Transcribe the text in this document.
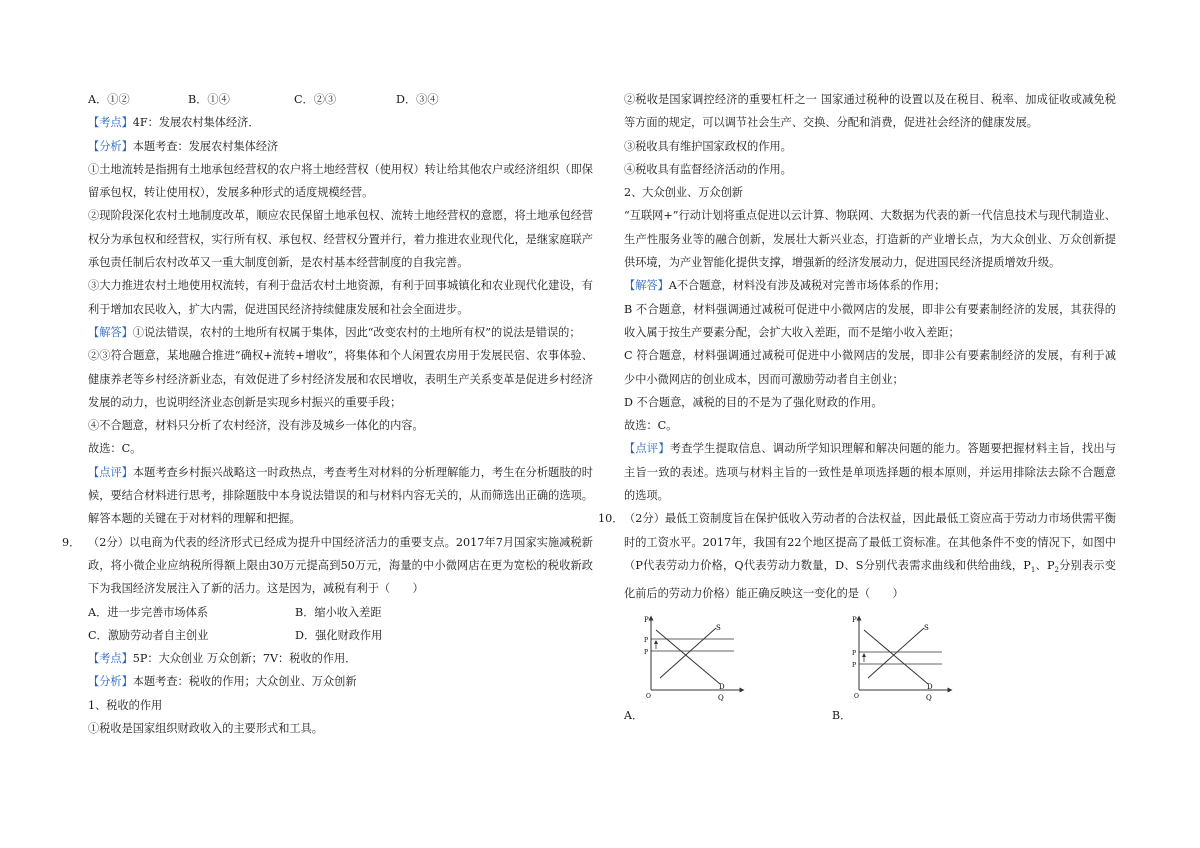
A．①②	B．①④	C．②③	D．③④

【考点】4F：发展农村集体经济．

【分析】本题考查：发展农村集体经济

①土地流转是指拥有土地承包经营权的农户将土地经营权（使用权）转让给其他农户或经济组织（即保留承包权，转让使用权），发展多种形式的适度规模经营。

②现阶段深化农村土地制度改革，顺应农民保留土地承包权、流转土地经营权的意愿，将土地承包经营权分为承包权和经营权，实行所有权、承包权、经营权分置并行，着力推进农业现代化，是继家庭联产承包责任制后农村改革又一重大制度创新，是农村基本经营制度的自我完善。

③大力推进农村土地使用权流转，有利于盘活农村土地资源，有利于回事城镇化和农业现代化建设，有利于增加农民收入，扩大内需，促进国民经济持续健康发展和社会全面进步。

【解答】①说法错误，农村的土地所有权属于集体，因此“改变农村的土地所有权”的说法是错误的；

②③符合题意，某地融合推进“确权+流转+增收”，将集体和个人闲置农房用于发展民宿、农事体验、健康养老等乡村经济新业态，有效促进了乡村经济发展和农民增收，表明生产关系变革是促进乡村经济发展的动力，也说明经济业态创新是实现乡村振兴的重要手段；

④不合题意，材料只分析了农村经济，没有涉及城乡一体化的内容。

故选：C。

【点评】本题考查乡村振兴战略这一时政热点，考查考生对材料的分析理解能力，考生在分析题肢的时候，要结合材料进行思考，排除题肢中本身说法错误的和与材料内容无关的，从而筛选出正确的选项。解答本题的关键在于对材料的理解和把握。

9． （2分）以电商为代表的经济形式已经成为提升中国经济活力的重要支点。2017年7月国家实施减税新政，将小微企业应纳税所得额上限由30万元提高到50万元，海量的中小微网店在更为宽松的税收新政下为我国经济发展注入了新的活力。这是因为，减税有利于（　　）

A．进一步完善市场体系	B．缩小收入差距
C．激励劳动者自主创业	D．强化财政作用

【考点】5P：大众创业 万众创新；7V：税收的作用．

【分析】本题考查：税收的作用；大众创业、万众创新

1、税收的作用

①税收是国家组织财政收入的主要形式和工具。

②税收是国家调控经济的重要杠杆之一 国家通过税种的设置以及在税目、税率、加成征收或减免税等方面的规定，可以调节社会生产、交换、分配和消费，促进社会经济的健康发展。

③税收具有维护国家政权的作用。

④税收具有监督经济活动的作用。

2、大众创业、万众创新

“互联网+”行动计划将重点促进以云计算、物联网、大数据为代表的新一代信息技术与现代制造业、生产性服务业等的融合创新，发展壮大新兴业态，打造新的产业增长点，为大众创业、万众创新提供环境，为产业智能化提供支撑，增强新的经济发展动力，促进国民经济提质增效升级。

【解答】A不合题意，材料没有涉及减税对完善市场体系的作用；

B 不合题意，材料强调通过减税可促进中小微网店的发展，即非公有要素制经济的发展，其获得的收入属于按生产要素分配，会扩大收入差距，而不是缩小收入差距；

C 符合题意，材料强调通过减税可促进中小微网店的发展，即非公有要素制经济的发展，有利于减少中小微网店的创业成本，因而可激励劳动者自主创业；

D 不合题意，减税的目的不是为了强化财政的作用。

故选：C。

【点评】考查学生提取信息、调动所学知识理解和解决问题的能力。答题要把握材料主旨，找出与主旨一致的表述。选项与材料主旨的一致性是单项选择题的根本原则，并运用排除法去除不合题意的选项。

10． （2分）最低工资制度旨在保护低收入劳动者的合法权益，因此最低工资应高于劳动力市场供需平衡时的工资水平。2017年，我国有22个地区提高了最低工资标准。在其他条件不变的情况下，如图中（P代表劳动力价格，Q代表劳动力数量，D、S分别代表需求曲线和供给曲线，$P_1$、$P_2$分别表示变化前后的劳动力价格）能正确反映这一变化的是（　　）

P
P
P
S
D
O	Q
A．
P
P
P
S
D
O	Q
B．
